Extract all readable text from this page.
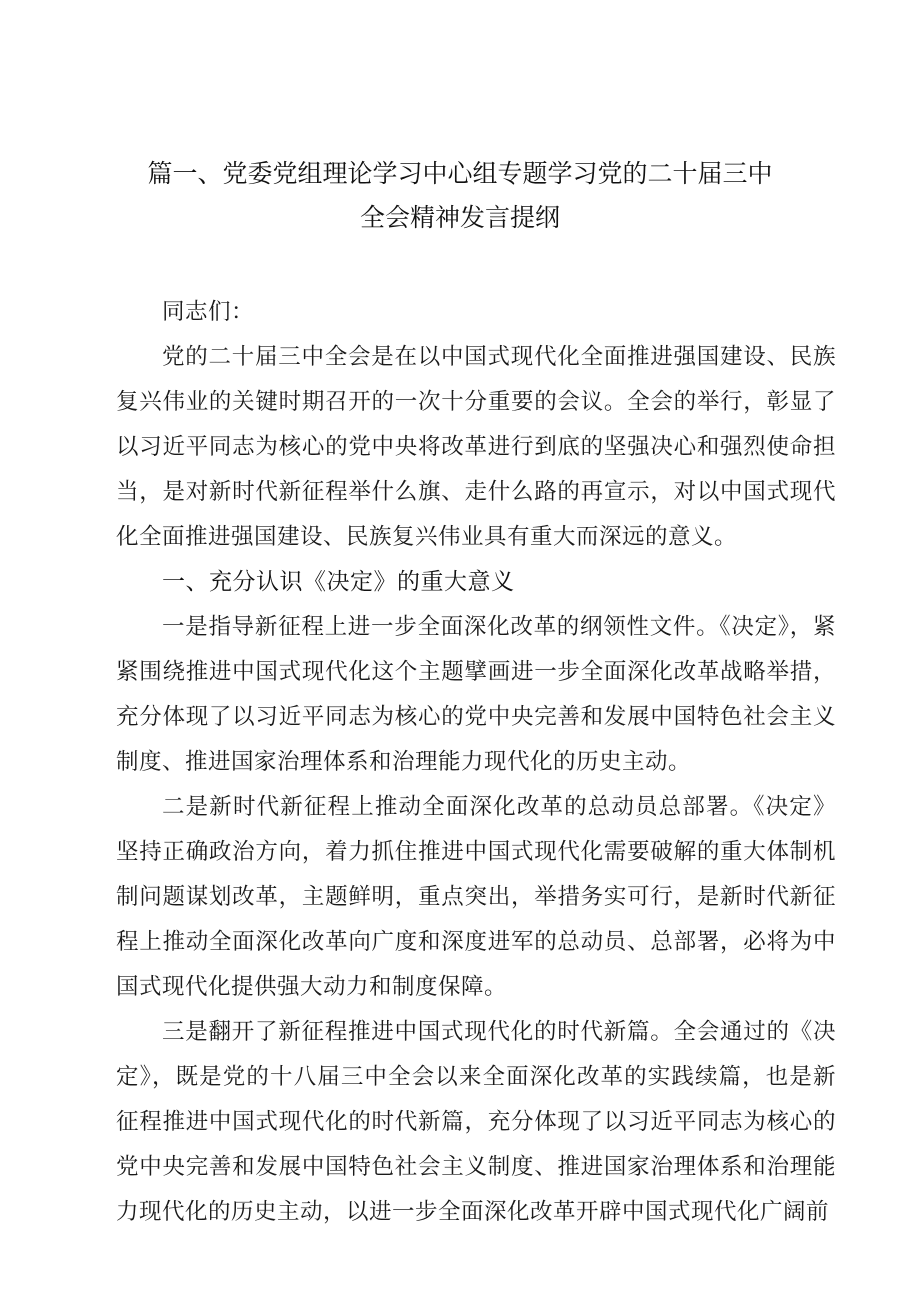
篇一、党委党组理论学习中心组专题学习党的二十届三中
全会精神发言提纲

同志们：

党的二十届三中全会是在以中国式现代化全面推进强国建设、民族复兴伟业的关键时期召开的一次十分重要的会议。全会的举行，彰显了以习近平同志为核心的党中央将改革进行到底的坚强决心和强烈使命担当，是对新时代新征程举什么旗、走什么路的再宣示，对以中国式现代化全面推进强国建设、民族复兴伟业具有重大而深远的意义。

一、充分认识《决定》的重大意义

一是指导新征程上进一步全面深化改革的纲领性文件。《决定》，紧紧围绕推进中国式现代化这个主题擘画进一步全面深化改革战略举措，充分体现了以习近平同志为核心的党中央完善和发展中国特色社会主义制度、推进国家治理体系和治理能力现代化的历史主动。

二是新时代新征程上推动全面深化改革的总动员总部署。《决定》坚持正确政治方向，着力抓住推进中国式现代化需要破解的重大体制机制问题谋划改革，主题鲜明，重点突出，举措务实可行，是新时代新征程上推动全面深化改革向广度和深度进军的总动员、总部署，必将为中国式现代化提供强大动力和制度保障。

三是翻开了新征程推进中国式现代化的时代新篇。全会通过的《决定》，既是党的十八届三中全会以来全面深化改革的实践续篇，也是新征程推进中国式现代化的时代新篇，充分体现了以习近平同志为核心的党中央完善和发展中国特色社会主义制度、推进国家治理体系和治理能力现代化的历史主动，以进一步全面深化改革开辟中国式现代化广阔前
